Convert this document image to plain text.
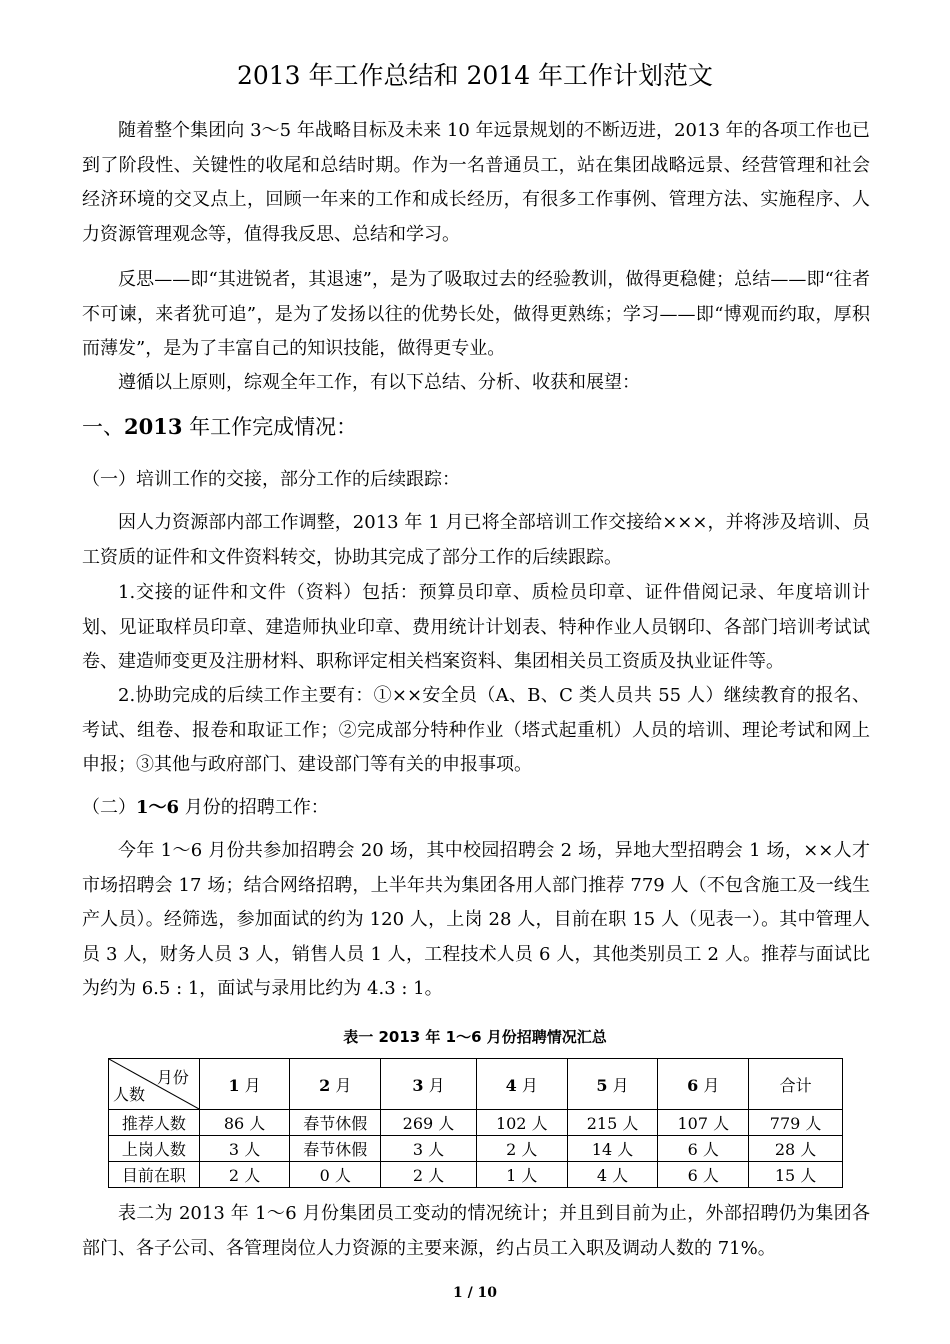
2013 年工作总结和 2014 年工作计划范文

随着整个集团向 3～5 年战略目标及未来 10 年远景规划的不断迈进，2013 年的各项工作也已到了阶段性、关键性的收尾和总结时期。作为一名普通员工，站在集团战略远景、经营管理和社会经济环境的交叉点上，回顾一年来的工作和成长经历，有很多工作事例、管理方法、实施程序、人力资源管理观念等，值得我反思、总结和学习。

反思——即“其进锐者，其退速”，是为了吸取过去的经验教训，做得更稳健；总结——即“往者不可谏，来者犹可追”，是为了发扬以往的优势长处，做得更熟练；学习——即“博观而约取，厚积而薄发”，是为了丰富自己的知识技能，做得更专业。

遵循以上原则，综观全年工作，有以下总结、分析、收获和展望：

一、2013 年工作完成情况：
（一）培训工作的交接，部分工作的后续跟踪：

因人力资源部内部工作调整，2013 年 1 月已将全部培训工作交接给×××，并将涉及培训、员工资质的证件和文件资料转交，协助其完成了部分工作的后续跟踪。

1.交接的证件和文件（资料）包括：预算员印章、质检员印章、证件借阅记录、年度培训计划、见证取样员印章、建造师执业印章、费用统计计划表、特种作业人员钢印、各部门培训考试试卷、建造师变更及注册材料、职称评定相关档案资料、集团相关员工资质及执业证件等。

2.协助完成的后续工作主要有：①××安全员（A、B、C 类人员共 55 人）继续教育的报名、考试、组卷、报卷和取证工作；②完成部分特种作业（塔式起重机）人员的培训、理论考试和网上申报；③其他与政府部门、建设部门等有关的申报事项。

（二）1～6 月份的招聘工作：

今年 1～6 月份共参加招聘会 20 场，其中校园招聘会 2 场，异地大型招聘会 1 场，××人才市场招聘会 17 场；结合网络招聘，上半年共为集团各用人部门推荐 779 人（不包含施工及一线生产人员）。经筛选，参加面试的约为 120 人，上岗 28 人，目前在职 15 人（见表一）。其中管理人员 3 人，财务人员 3 人，销售人员 1 人，工程技术人员 6 人，其他类别员工 2 人。推荐与面试比为约为 6.5 : 1，面试与录用比约为 4.3 : 1。

表一 2013 年 1～6 月份招聘情况汇总

月份
人数	1 月	2 月	3 月	4 月	5 月	6 月	合计
推荐人数	86 人	春节休假	269 人	102 人	215 人	107 人	779 人
上岗人数	3 人	春节休假	3 人	2 人	14 人	6 人	28 人
目前在职	2 人	0 人	2 人	1 人	4 人	6 人	15 人

表二为 2013 年 1～6 月份集团员工变动的情况统计；并且到目前为止，外部招聘仍为集团各部门、各子公司、各管理岗位人力资源的主要来源，约占员工入职及调动人数的 71%。

1 / 10
